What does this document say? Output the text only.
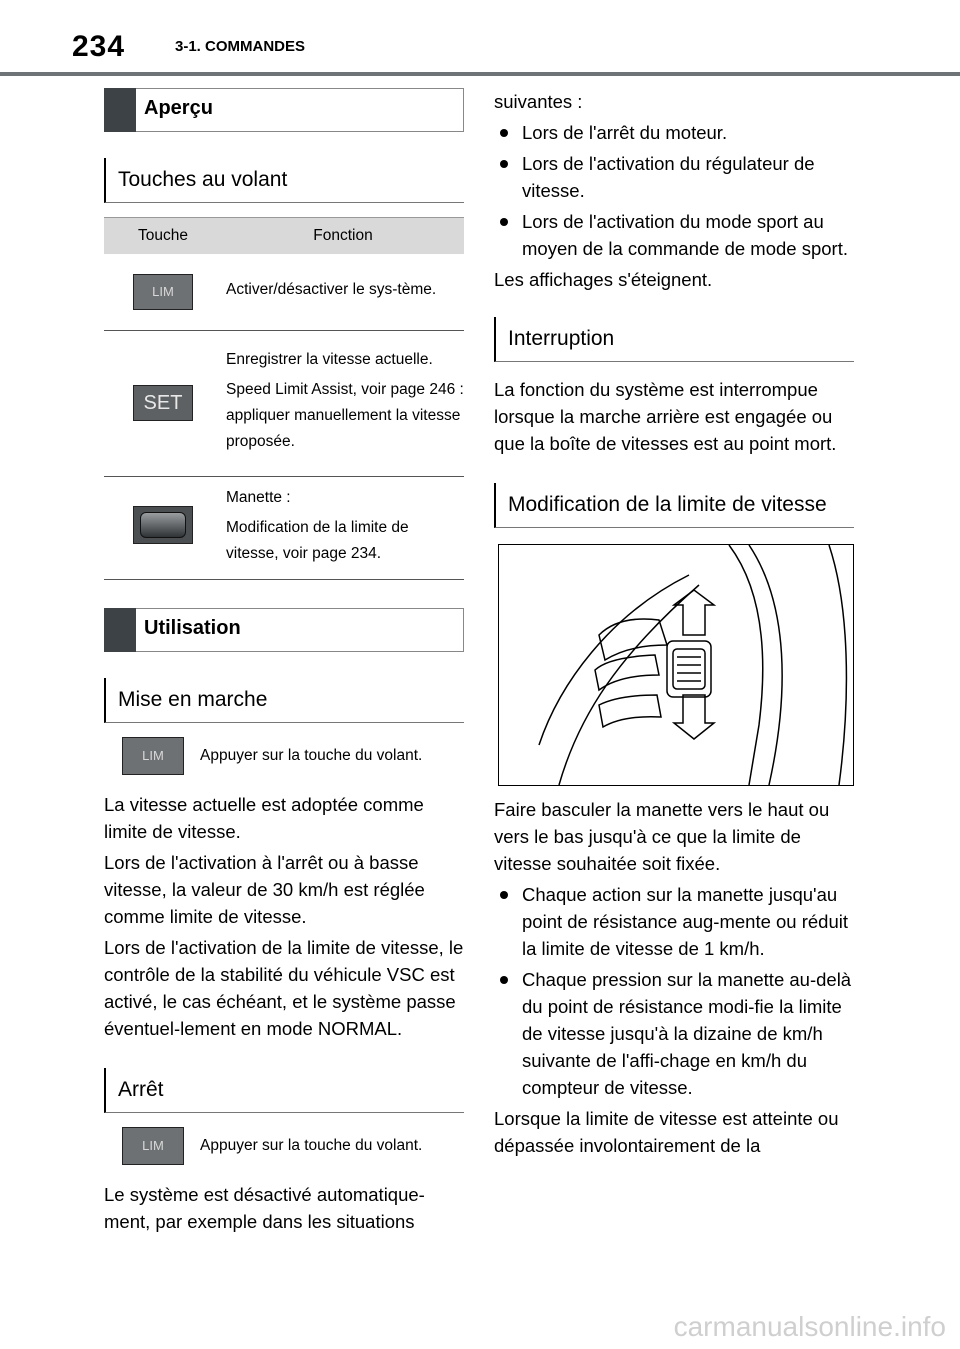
234	3-1. COMMANDES
Aperçu
Touches au volant
Touche	Fonction
LIM	Activer/désactiver le sys-tème.

SET	Enregistrer la vitesse actuelle.
Speed Limit Assist, voir page 246 : appliquer manuellement la vitesse proposée.

	Manette :
Modification de la limite de vitesse, voir page 234.
Utilisation
Mise en marche
LIM	Appuyer sur la touche du volant.

La vitesse actuelle est adoptée comme limite de vitesse.

Lors de l'activation à l'arrêt ou à basse vitesse, la valeur de 30 km/h est réglée comme limite de vitesse.

Lors de l'activation de la limite de vitesse, le contrôle de la stabilité du véhicule VSC est activé, le cas échéant, et le système passe éventuel-lement en mode NORMAL.

Arrêt
LIM	Appuyer sur la touche du volant.

Le système est désactivé automatique-ment, par exemple dans les situations

suivantes :

Lors de l'arrêt du moteur.
Lors de l'activation du régulateur de vitesse.
Lors de l'activation du mode sport au moyen de la commande de mode sport.

Les affichages s'éteignent.

Interruption

La fonction du système est interrompue lorsque la marche arrière est engagée ou que la boîte de vitesses est au point mort.

Modification de la limite de vitesse

Faire basculer la manette vers le haut ou vers le bas jusqu'à ce que la limite de vitesse souhaitée soit fixée.

Chaque action sur la manette jusqu'au point de résistance aug-mente ou réduit la limite de vitesse de 1 km/h.
Chaque pression sur la manette au-delà du point de résistance modi-fie la limite de vitesse jusqu'à la dizaine de km/h suivante de l'affi-chage en km/h du compteur de vitesse.

Lorsque la limite de vitesse est atteinte ou dépassée involontairement de la

carmanualsonline.info
